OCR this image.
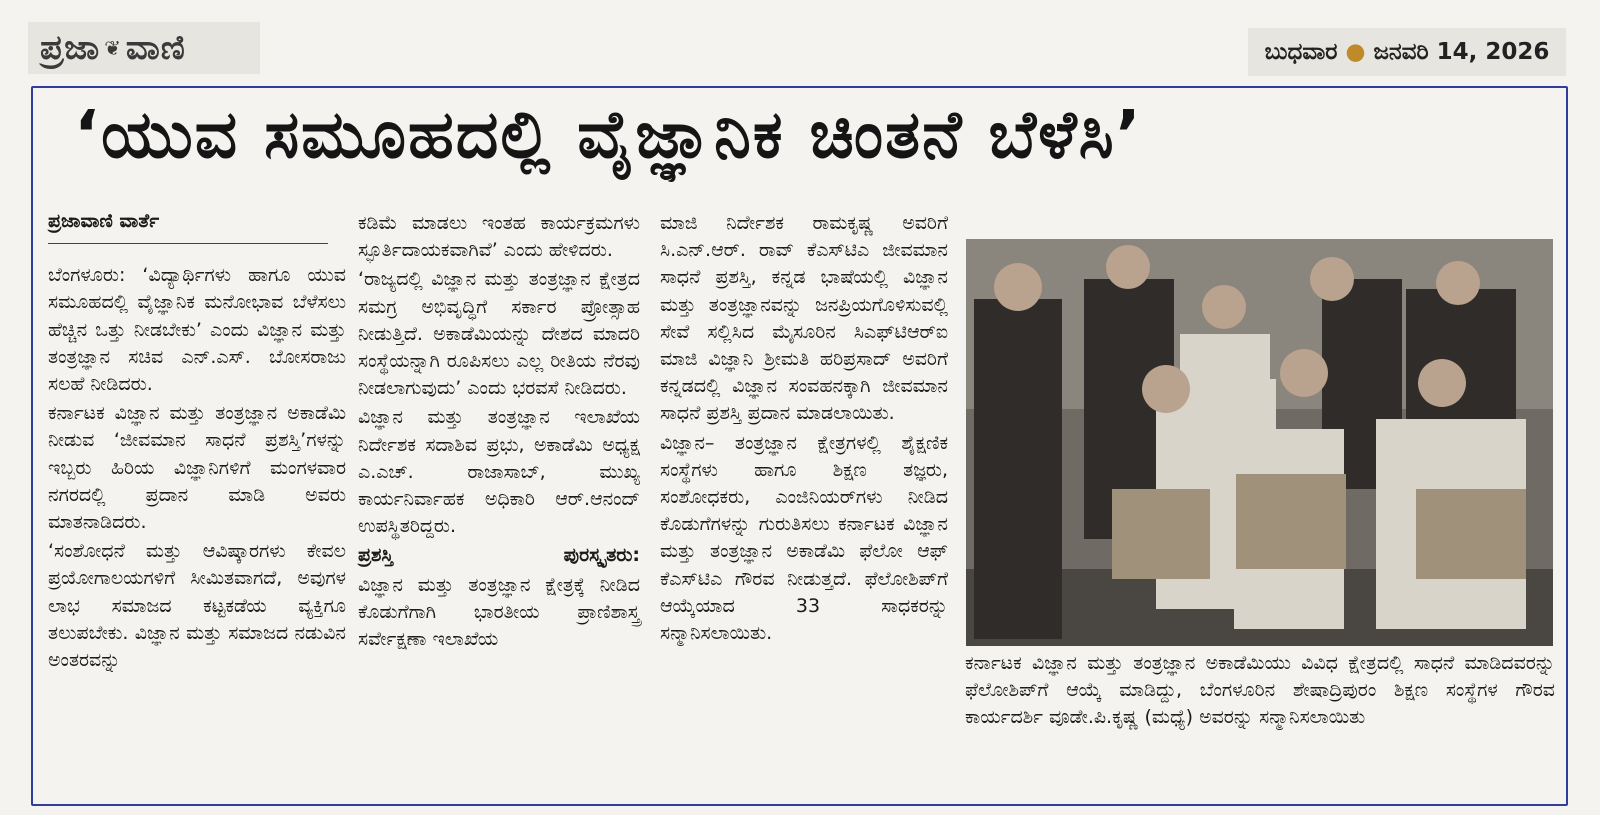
ಪ್ರಜಾ ❦ ವಾಣಿ	ಬುಧವಾರ ● ಜನವರಿ 14, 2026
‘ಯುವ ಸಮೂಹದಲ್ಲಿ ವೈಜ್ಞಾನಿಕ ಚಿಂತನೆ ಬೆಳೆಸಿ’

ಪ್ರಜಾವಾಣಿ ವಾರ್ತೆ

ಬೆಂಗಳೂರು: ‘ವಿದ್ಯಾರ್ಥಿಗಳು ಹಾಗೂ ಯುವ ಸಮೂಹದಲ್ಲಿ ವೈಜ್ಞಾನಿಕ ಮನೋಭಾವ ಬೆಳೆಸಲು ಹೆಚ್ಚಿನ ಒತ್ತು ನೀಡಬೇಕು’ ಎಂದು ವಿಜ್ಞಾನ ಮತ್ತು ತಂತ್ರಜ್ಞಾನ ಸಚಿವ ಎನ್.ಎಸ್. ಬೋಸರಾಜು ಸಲಹೆ ನೀಡಿದರು.

ಕರ್ನಾಟಕ ವಿಜ್ಞಾನ ಮತ್ತು ತಂತ್ರಜ್ಞಾನ ಅಕಾಡೆಮಿ ನೀಡುವ ‘ಜೀವಮಾನ ಸಾಧನೆ ಪ್ರಶಸ್ತಿ’ಗಳನ್ನು ಇಬ್ಬರು ಹಿರಿಯ ವಿಜ್ಞಾನಿಗಳಿಗೆ ಮಂಗಳವಾರ ನಗರದಲ್ಲಿ ಪ್ರದಾನ ಮಾಡಿ ಅವರು ಮಾತನಾಡಿದರು.

‘ಸಂಶೋಧನೆ ಮತ್ತು ಆವಿಷ್ಕಾರಗಳು ಕೇವಲ ಪ್ರಯೋಗಾಲಯಗಳಿಗೆ ಸೀಮಿತವಾಗದೆ, ಅವುಗಳ ಲಾಭ ಸಮಾಜದ ಕಟ್ಟಕಡೆಯ ವ್ಯಕ್ತಿಗೂ ತಲುಪಬೇಕು. ವಿಜ್ಞಾನ ಮತ್ತು ಸಮಾಜದ ನಡುವಿನ ಅಂತರವನ್ನು

ಕಡಿಮೆ ಮಾಡಲು ಇಂತಹ ಕಾರ್ಯಕ್ರಮಗಳು ಸ್ಫೂರ್ತಿದಾಯಕವಾಗಿವೆ’ ಎಂದು ಹೇಳಿದರು.

‘ರಾಜ್ಯದಲ್ಲಿ ವಿಜ್ಞಾನ ಮತ್ತು ತಂತ್ರಜ್ಞಾನ ಕ್ಷೇತ್ರದ ಸಮಗ್ರ ಅಭಿವೃದ್ಧಿಗೆ ಸರ್ಕಾರ ಪ್ರೋತ್ಸಾಹ ನೀಡುತ್ತಿದೆ. ಅಕಾಡೆಮಿಯನ್ನು ದೇಶದ ಮಾದರಿ ಸಂಸ್ಥೆಯನ್ನಾಗಿ ರೂಪಿಸಲು ಎಲ್ಲ ರೀತಿಯ ನೆರವು ನೀಡಲಾಗುವುದು’ ಎಂದು ಭರವಸೆ ನೀಡಿದರು.

ವಿಜ್ಞಾನ ಮತ್ತು ತಂತ್ರಜ್ಞಾನ ಇಲಾಖೆಯ ನಿರ್ದೇಶಕ ಸದಾಶಿವ ಪ್ರಭು, ಅಕಾಡೆಮಿ ಅಧ್ಯಕ್ಷ ಎ.ಎಚ್. ರಾಜಾಸಾಬ್, ಮುಖ್ಯ ಕಾರ್ಯನಿರ್ವಾಹಕ ಅಧಿಕಾರಿ ಆರ್.ಆನಂದ್ ಉಪಸ್ಥಿತರಿದ್ದರು.

ಪ್ರಶಸ್ತಿ	ಪುರಸ್ಕೃತರು:

ವಿಜ್ಞಾನ ಮತ್ತು ತಂತ್ರಜ್ಞಾನ ಕ್ಷೇತ್ರಕ್ಕೆ ನೀಡಿದ ಕೊಡುಗೆಗಾಗಿ ಭಾರತೀಯ ಪ್ರಾಣಿಶಾಸ್ತ್ರ ಸರ್ವೇಕ್ಷಣಾ ಇಲಾಖೆಯ

ಮಾಜಿ ನಿರ್ದೇಶಕ ರಾಮಕೃಷ್ಣ ಅವರಿಗೆ ಸಿ.ಎನ್.ಆರ್. ರಾವ್ ಕೆಎಸ್‌ಟಿಎ ಜೀವಮಾನ ಸಾಧನೆ ಪ್ರಶಸ್ತಿ, ಕನ್ನಡ ಭಾಷೆಯಲ್ಲಿ ವಿಜ್ಞಾನ ಮತ್ತು ತಂತ್ರಜ್ಞಾನವನ್ನು ಜನಪ್ರಿಯಗೊಳಿಸುವಲ್ಲಿ ಸೇವೆ ಸಲ್ಲಿಸಿದ ಮೈಸೂರಿನ ಸಿಎಫ್‌ಟಿಆರ್‌ಐ ಮಾಜಿ ವಿಜ್ಞಾನಿ ಶ್ರೀಮತಿ ಹರಿಪ್ರಸಾದ್ ಅವರಿಗೆ ಕನ್ನಡದಲ್ಲಿ ವಿಜ್ಞಾನ ಸಂವಹನಕ್ಕಾಗಿ ಜೀವಮಾನ ಸಾಧನೆ ಪ್ರಶಸ್ತಿ ಪ್ರದಾನ ಮಾಡಲಾಯಿತು.

ವಿಜ್ಞಾನ– ತಂತ್ರಜ್ಞಾನ ಕ್ಷೇತ್ರಗಳಲ್ಲಿ ಶೈಕ್ಷಣಿಕ ಸಂಸ್ಥೆಗಳು ಹಾಗೂ ಶಿಕ್ಷಣ ತಜ್ಞರು, ಸಂಶೋಧಕರು, ಎಂಜಿನಿಯರ್‌ಗಳು ನೀಡಿದ ಕೊಡುಗೆಗಳನ್ನು ಗುರುತಿಸಲು ಕರ್ನಾಟಕ ವಿಜ್ಞಾನ ಮತ್ತು ತಂತ್ರಜ್ಞಾನ ಅಕಾಡೆಮಿ ಫೆಲೋ ಆಫ್ ಕೆಎಸ್‌ಟಿಎ ಗೌರವ ನೀಡುತ್ತದೆ. ಫೆಲೋಶಿಪ್‌ಗೆ ಆಯ್ಕೆಯಾದ 33 ಸಾಧಕರನ್ನು ಸನ್ಮಾನಿಸಲಾಯಿತು.

ಕರ್ನಾಟಕ ವಿಜ್ಞಾನ ಮತ್ತು ತಂತ್ರಜ್ಞಾನ ಅಕಾಡೆಮಿಯು ವಿವಿಧ ಕ್ಷೇತ್ರದಲ್ಲಿ ಸಾಧನೆ ಮಾಡಿದವರನ್ನು ಫೆಲೋಶಿಪ್‌ಗೆ ಆಯ್ಕೆ ಮಾಡಿದ್ದು, ಬೆಂಗಳೂರಿನ ಶೇಷಾದ್ರಿಪುರಂ ಶಿಕ್ಷಣ ಸಂಸ್ಥೆಗಳ ಗೌರವ ಕಾರ್ಯದರ್ಶಿ ವೂಡೇ.ಪಿ.ಕೃಷ್ಣ (ಮಧ್ಯೆ) ಅವರನ್ನು ಸನ್ಮಾನಿಸಲಾಯಿತು
